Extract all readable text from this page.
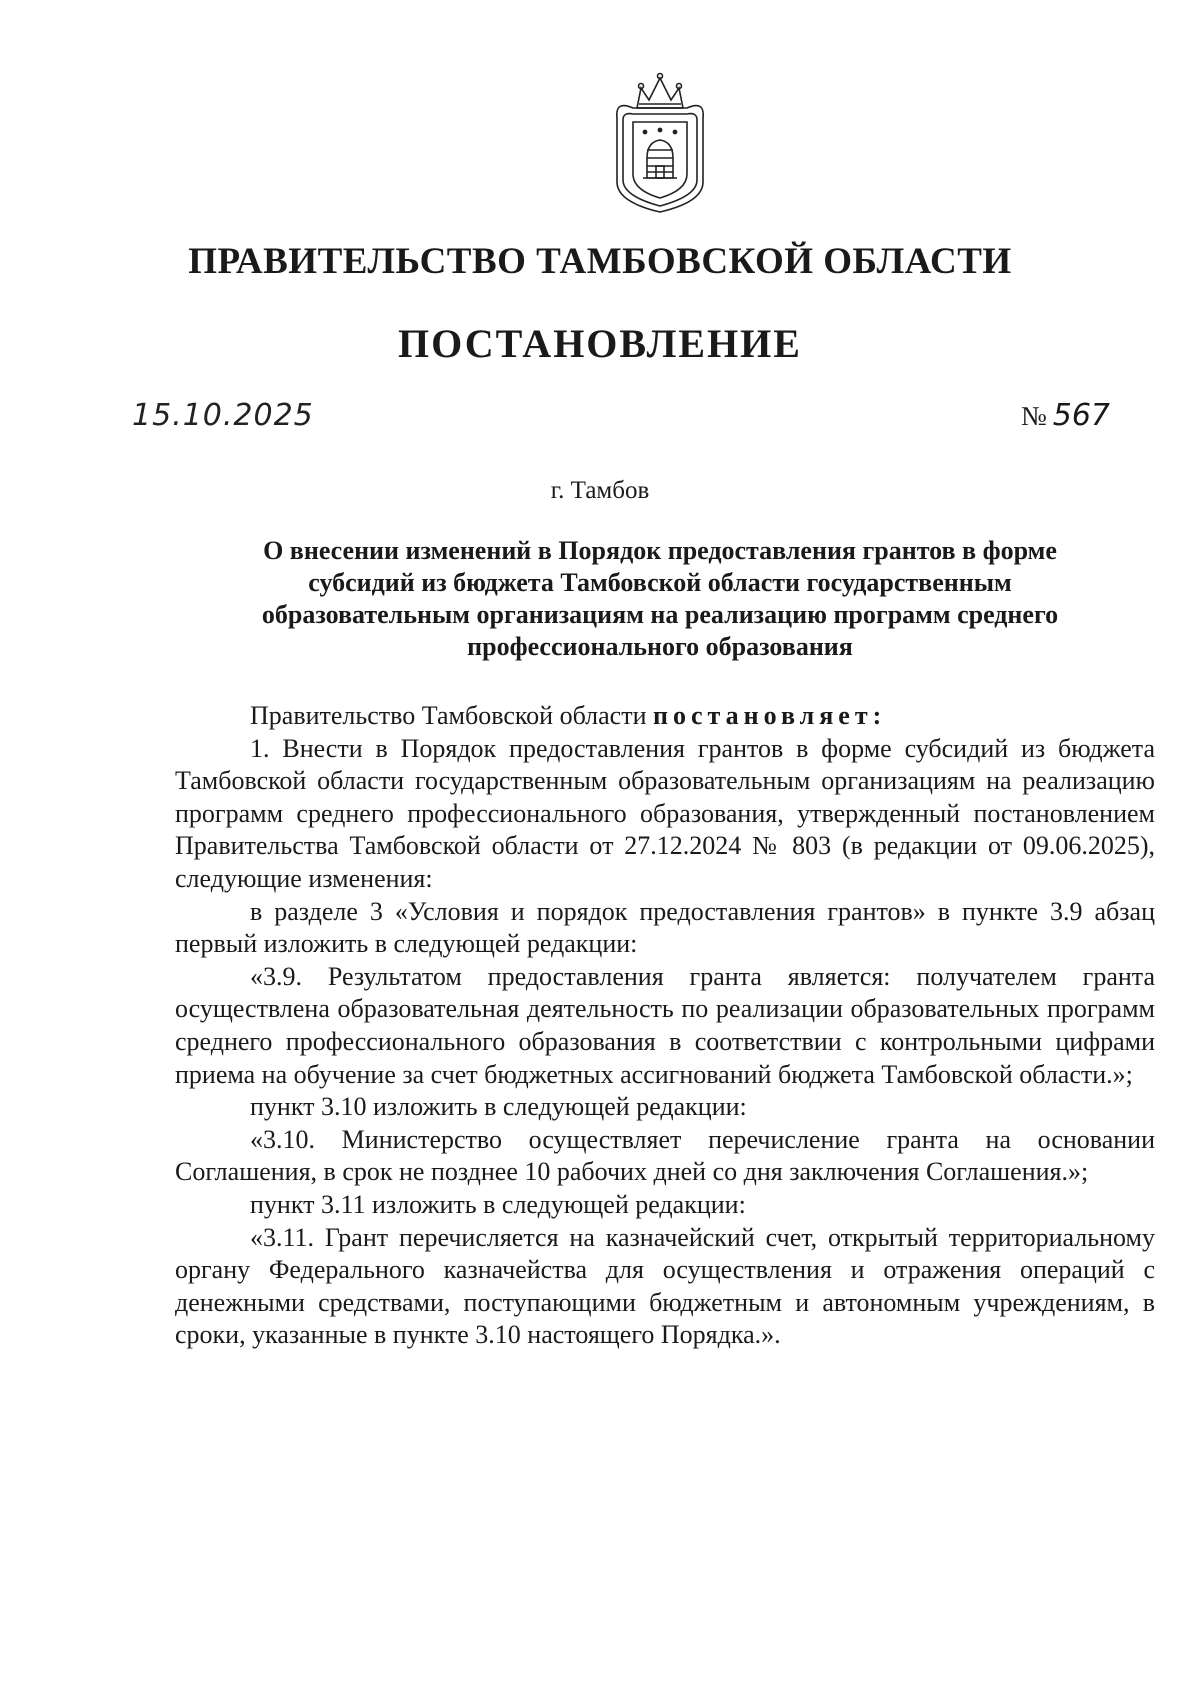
ПРАВИТЕЛЬСТВО ТАМБОВСКОЙ ОБЛАСТИ
ПОСТАНОВЛЕНИЕ
15.10.2025	№ 567
г. Тамбов
О внесении изменений в Порядок предоставления грантов в форме
субсидий из бюджета Тамбовской области государственным
образовательным организациям на реализацию программ среднего
профессионального образования

Правительство Тамбовской области постановляет:

1. Внести в Порядок предоставления грантов в форме субсидий из бюджета Тамбовской области государственным образовательным организациям на реализацию программ среднего профессионального образования, утвержденный постановлением Правительства Тамбовской области от 27.12.2024 № 803 (в редакции от 09.06.2025), следующие изменения:

в разделе 3 «Условия и порядок предоставления грантов» в пункте 3.9 абзац первый изложить в следующей редакции:

«3.9. Результатом предоставления гранта является: получателем гранта осуществлена образовательная деятельность по реализации образовательных программ среднего профессионального образования в соответствии с контрольными цифрами приема на обучение за счет бюджетных ассигнований бюджета Тамбовской области.»;

пункт 3.10 изложить в следующей редакции:

«3.10. Министерство осуществляет перечисление гранта на основании Соглашения, в срок не позднее 10 рабочих дней со дня заключения Соглашения.»;

пункт 3.11 изложить в следующей редакции:

«3.11. Грант перечисляется на казначейский счет, открытый территориальному органу Федерального казначейства для осуществления и отражения операций с денежными средствами, поступающими бюджетным и автономным учреждениям, в сроки, указанные в пункте 3.10 настоящего Порядка.».
